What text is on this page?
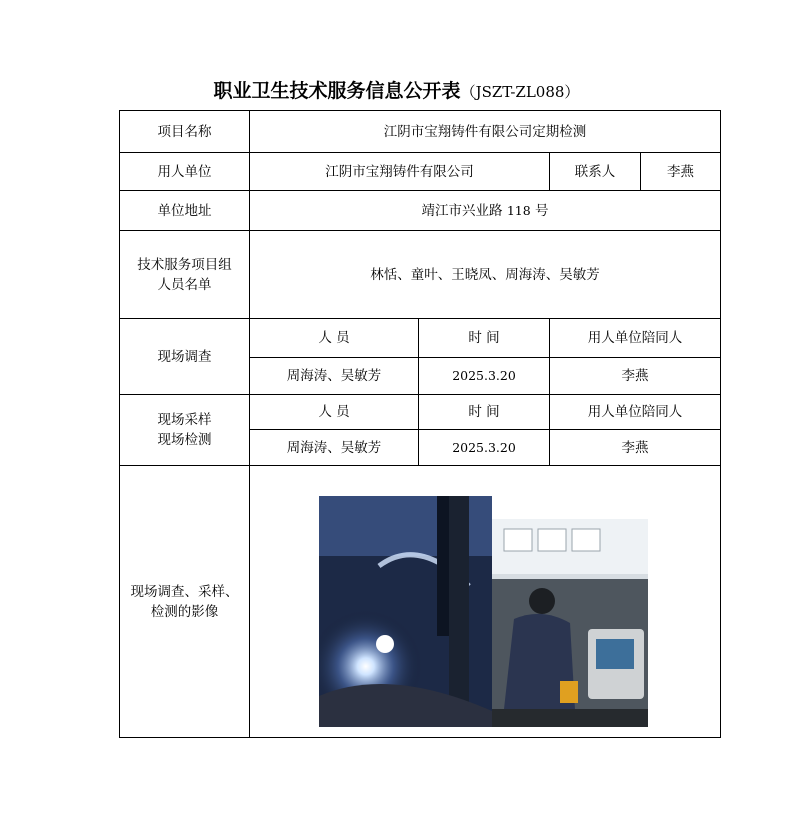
职业卫生技术服务信息公开表（JSZT-ZL088）
项目名称	江阴市宝翔铸件有限公司定期检测			
用人单位	江阴市宝翔铸件有限公司		联系人	李燕
单位地址	靖江市兴业路 118 号			
技术服务项目组人员名单	林恬、童叶、王晓凤、周海涛、吴敏芳			
现场调查	人 员	时 间	用人单位陪同人	
	周海涛、吴敏芳	2025.3.20	李燕	

现场采样
现场检测	人 员	时 间	用人单位陪同人	
	周海涛、吴敏芳	2025.3.20	李燕	
现场调查、采样、检测的影像	
